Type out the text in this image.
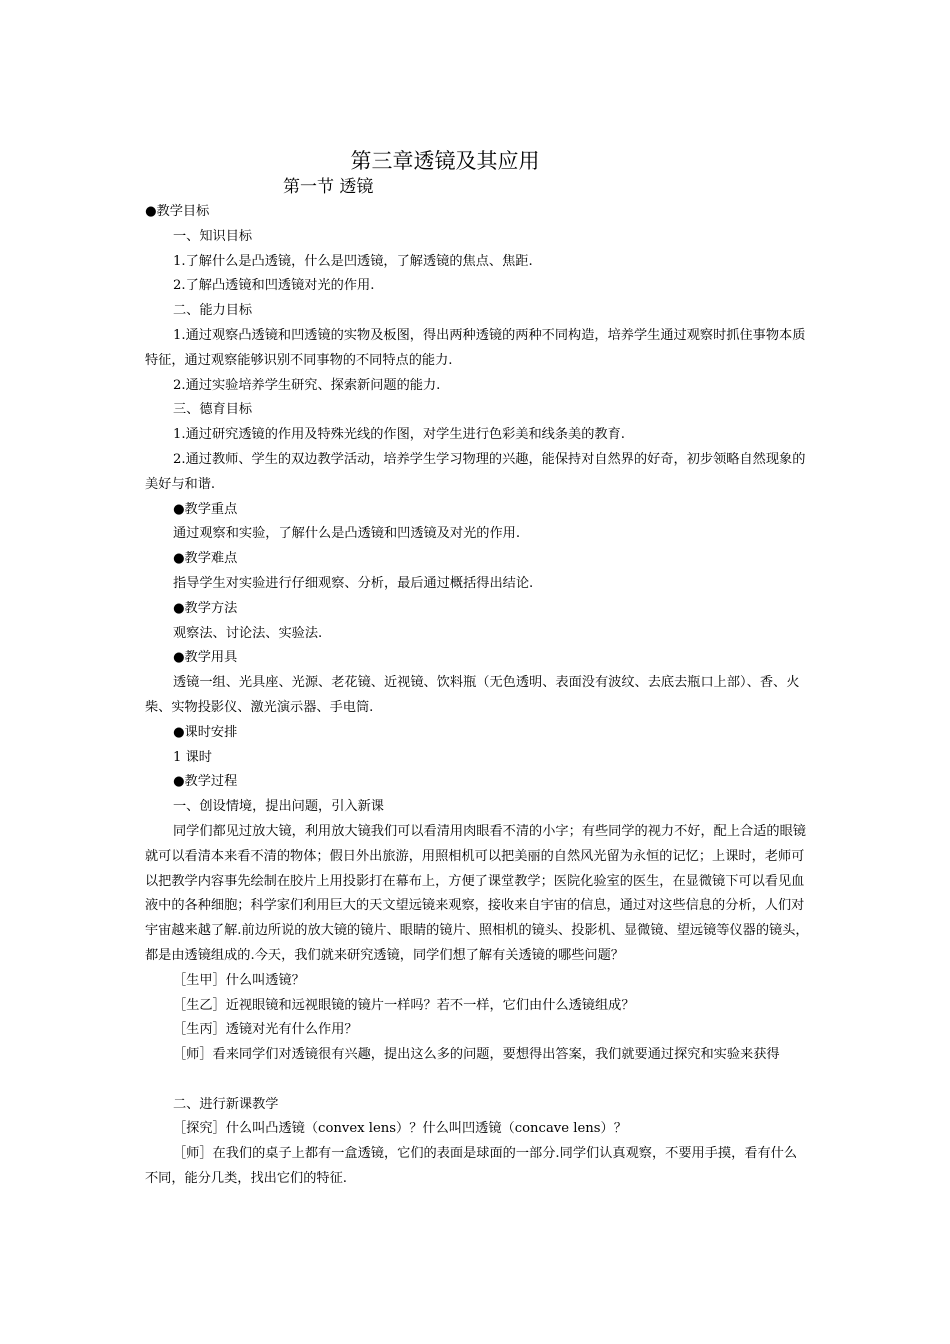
第三章透镜及其应用
第一节 透镜

●教学目标

一、知识目标

1.了解什么是凸透镜，什么是凹透镜，了解透镜的焦点、焦距.

2.了解凸透镜和凹透镜对光的作用.

二、能力目标

1.通过观察凸透镜和凹透镜的实物及板图，得出两种透镜的两种不同构造，培养学生通过观察时抓住事物本质特征，通过观察能够识别不同事物的不同特点的能力.

2.通过实验培养学生研究、探索新问题的能力.

三、德育目标

1.通过研究透镜的作用及特殊光线的作图，对学生进行色彩美和线条美的教育.

2.通过教师、学生的双边教学活动，培养学生学习物理的兴趣，能保持对自然界的好奇，初步领略自然现象的美好与和谐.

●教学重点

通过观察和实验，了解什么是凸透镜和凹透镜及对光的作用.

●教学难点

指导学生对实验进行仔细观察、分析，最后通过概括得出结论.

●教学方法

观察法、讨论法、实验法.

●教学用具

透镜一组、光具座、光源、老花镜、近视镜、饮料瓶（无色透明、表面没有波纹、去底去瓶口上部）、香、火柴、实物投影仪、激光演示器、手电筒.

●课时安排

1 课时

●教学过程

一、创设情境，提出问题，引入新课

同学们都见过放大镜，利用放大镜我们可以看清用肉眼看不清的小字；有些同学的视力不好，配上合适的眼镜就可以看清本来看不清的物体；假日外出旅游，用照相机可以把美丽的自然风光留为永恒的记忆；上课时，老师可以把教学内容事先绘制在胶片上用投影打在幕布上，方便了课堂教学；医院化验室的医生，在显微镜下可以看见血液中的各种细胞；科学家们利用巨大的天文望远镜来观察，接收来自宇宙的信息，通过对这些信息的分析，人们对宇宙越来越了解.前边所说的放大镜的镜片、眼睛的镜片、照相机的镜头、投影机、显微镜、望远镜等仪器的镜头，都是由透镜组成的.今天，我们就来研究透镜，同学们想了解有关透镜的哪些问题？

［生甲］什么叫透镜？

［生乙］近视眼镜和远视眼镜的镜片一样吗？若不一样，它们由什么透镜组成？

［生丙］透镜对光有什么作用？

［师］看来同学们对透镜很有兴趣，提出这么多的问题，要想得出答案，我们就要通过探究和实验来获得

二、进行新课教学

［探究］什么叫凸透镜（convex lens）？什么叫凹透镜（concave lens）？

［师］在我们的桌子上都有一盒透镜，它们的表面是球面的一部分.同学们认真观察，不要用手摸，看有什么不同，能分几类，找出它们的特征.
